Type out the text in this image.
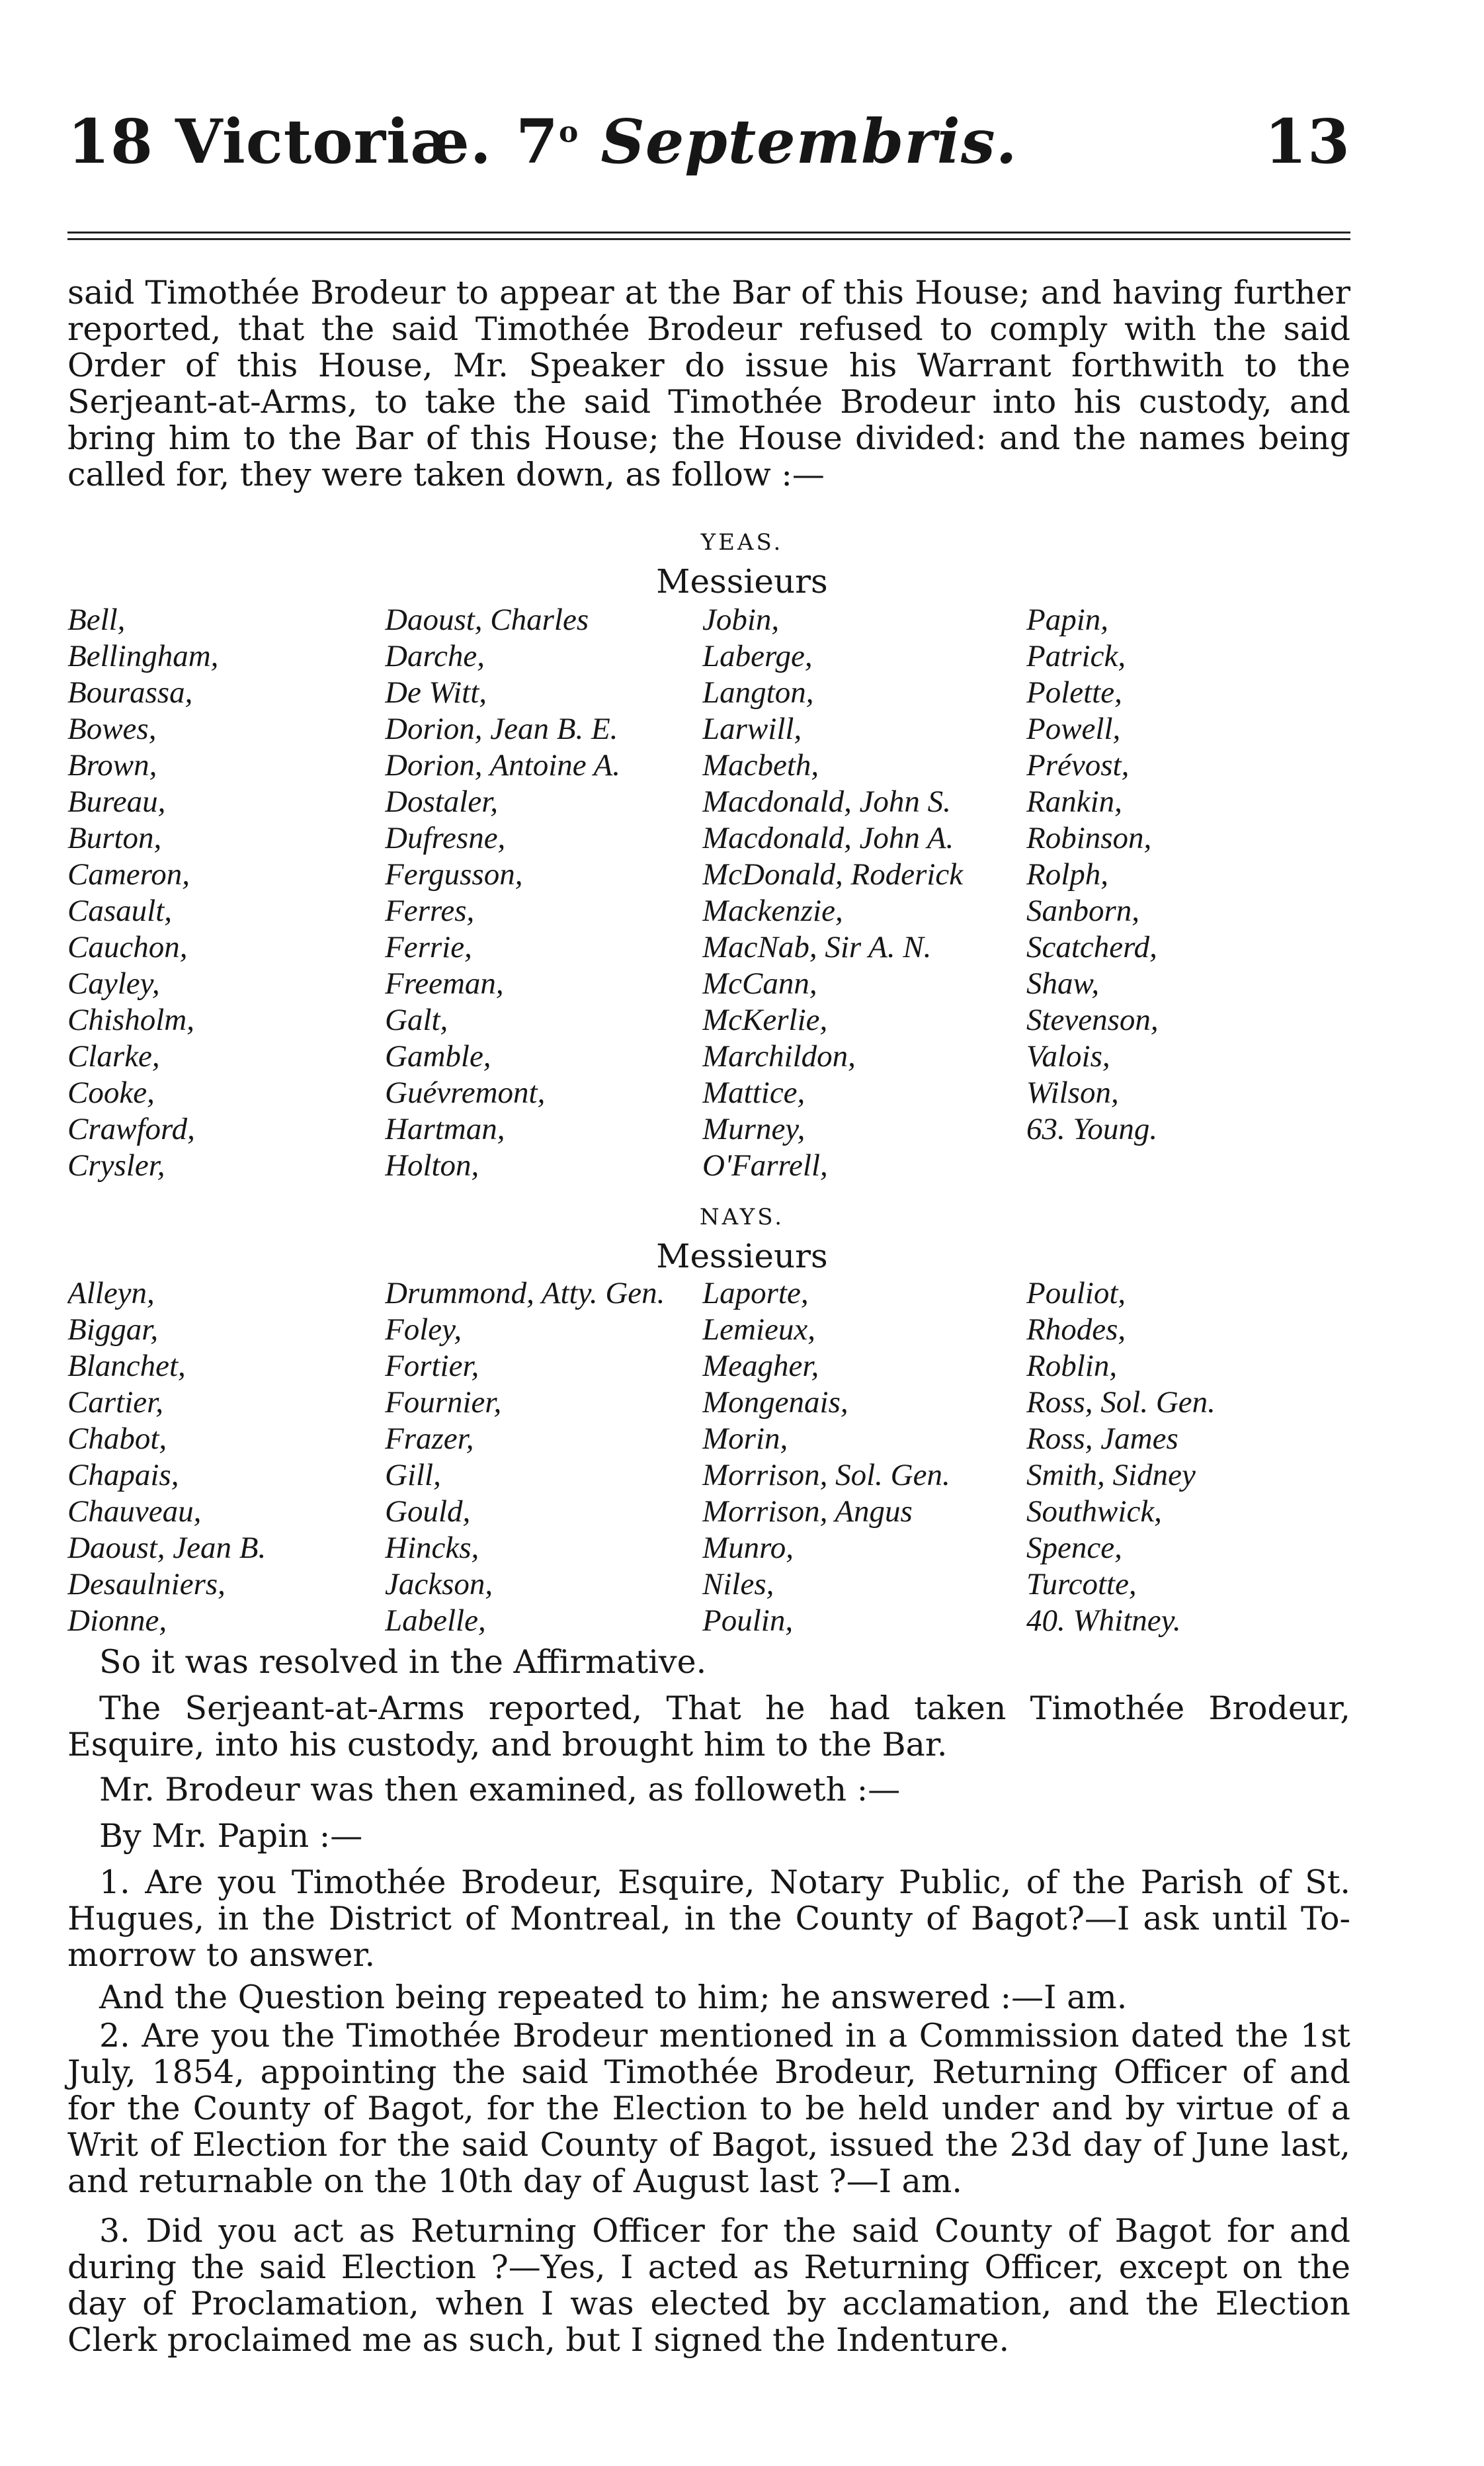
18 Victoriæ. 7$^o$ Septembris.	13
said Timothée Brodeur to appear at the Bar of this House; and having further reported, that the said Timothée Brodeur refused to comply with the said Order of this House, Mr. Speaker do issue his Warrant forthwith to the Serjeant-at-Arms, to take the said Timothée Brodeur into his custody, and bring him to the Bar of this House; the House divided: and the names being called for, they were taken down, as follow :—
YEAS.
Messieurs
Bell,	Daoust, Charles	Jobin,	Papin,
Bellingham,	Darche,	Laberge,	Patrick,
Bourassa,	De Witt,	Langton,	Polette,
Bowes,	Dorion, Jean B. E.	Larwill,	Powell,
Brown,	Dorion, Antoine A.	Macbeth,	Prévost,
Bureau,	Dostaler,	Macdonald, John S.	Rankin,
Burton,	Dufresne,	Macdonald, John A.	Robinson,
Cameron,	Fergusson,	McDonald, Roderick	Rolph,
Casault,	Ferres,	Mackenzie,	Sanborn,
Cauchon,	Ferrie,	MacNab, Sir A. N.	Scatcherd,
Cayley,	Freeman,	McCann,	Shaw,
Chisholm,	Galt,	McKerlie,	Stevenson,
Clarke,	Gamble,	Marchildon,	Valois,
Cooke,	Guévremont,	Mattice,	Wilson,
Crawford,	Hartman,	Murney,	63. Young.
Crysler,	Holton,	O'Farrell,
NAYS.
Messieurs
Alleyn,	Drummond, Atty. Gen.	Laporte,	Pouliot,
Biggar,	Foley,	Lemieux,	Rhodes,
Blanchet,	Fortier,	Meagher,	Roblin,
Cartier,	Fournier,	Mongenais,	Ross, Sol. Gen.
Chabot,	Frazer,	Morin,	Ross, James
Chapais,	Gill,	Morrison, Sol. Gen.	Smith, Sidney
Chauveau,	Gould,	Morrison, Angus	Southwick,
Daoust, Jean B.	Hincks,	Munro,	Spence,
Desaulniers,	Jackson,	Niles,	Turcotte,
Dionne,	Labelle,	Poulin,	40. Whitney.
So it was resolved in the Affirmative.
The Serjeant-at-Arms reported, That he had taken Timothée Brodeur, Esquire, into his custody, and brought him to the Bar.
Mr. Brodeur was then examined, as followeth :—
By Mr. Papin :—
1. Are you Timothée Brodeur, Esquire, Notary Public, of the Parish of St. Hugues, in the District of Montreal, in the County of Bagot?—I ask until To-morrow to answer.
And the Question being repeated to him; he answered :—I am.
2. Are you the Timothée Brodeur mentioned in a Commission dated the 1st July, 1854, appointing the said Timothée Brodeur, Returning Officer of and for the County of Bagot, for the Election to be held under and by virtue of a Writ of Election for the said County of Bagot, issued the 23d day of June last, and returnable on the 10th day of August last ?—I am.
3. Did you act as Returning Officer for the said County of Bagot for and during the said Election ?—Yes, I acted as Returning Officer, except on the day of Proclamation, when I was elected by acclamation, and the Election Clerk proclaimed me as such, but I signed the Indenture.
